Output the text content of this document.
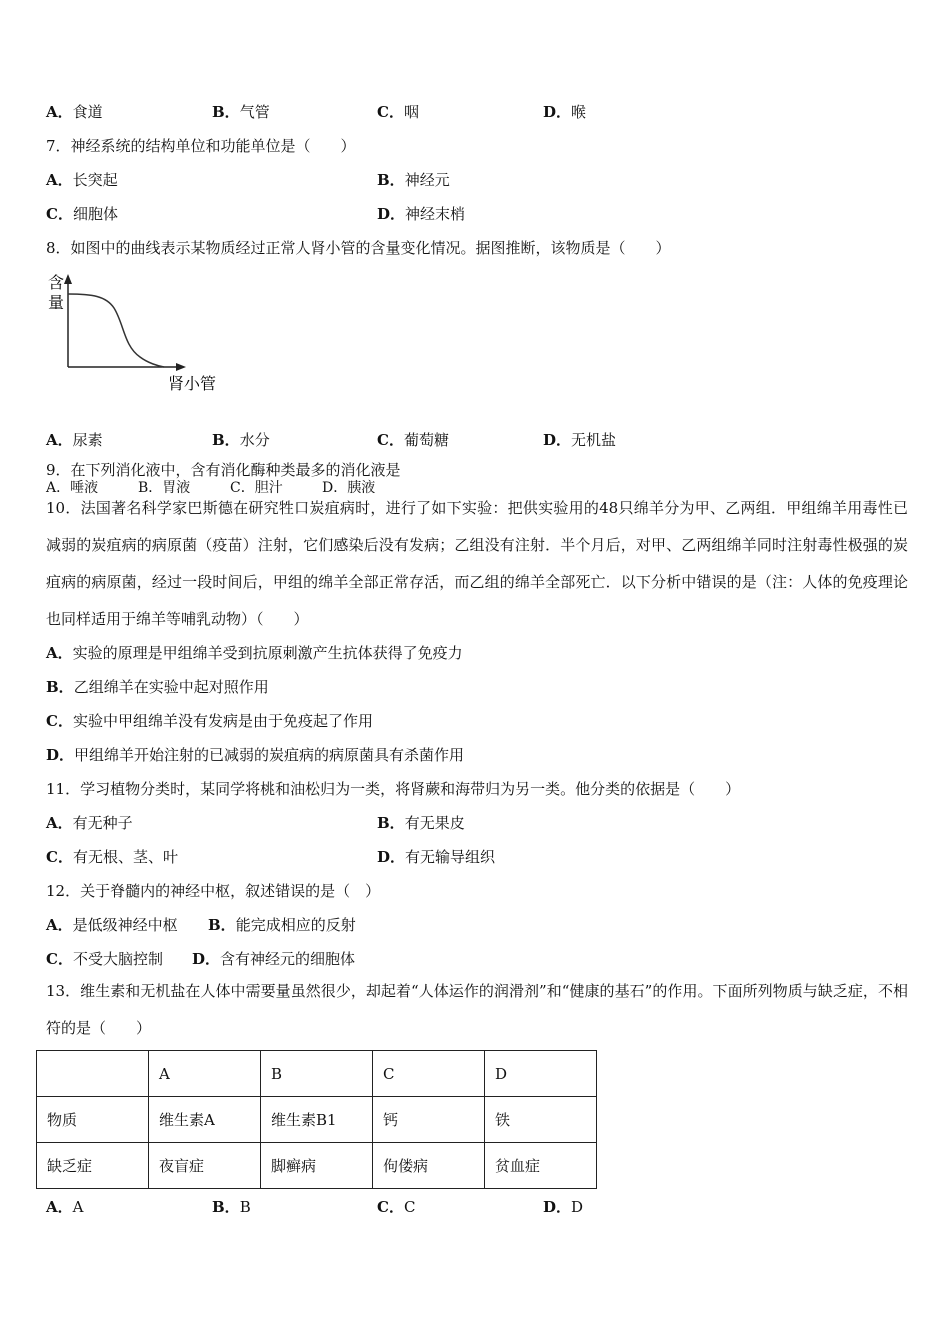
A．食道	B．气管	C．咽	D．喉
7．神经系统的结构单位和功能单位是（　　）
A．长突起	B．神经元
C．细胞体	D．神经末梢
8．如图中的曲线表示某物质经过正常人肾小管的含量变化情况。据图推断，该物质是（　　）
含
量
肾小管
A．尿素	B．水分	C．葡萄糖	D．无机盐
9．在下列消化液中，含有消化酶种类最多的消化液是
A．唾液	B．胃液	C．胆汁	D．胰液
10．法国著名科学家巴斯德在研究牲口炭疽病时，进行了如下实验：把供实验用的48只绵羊分为甲、乙两组．甲组绵羊用毒性已减弱的炭疽病的病原菌（疫苗）注射，它们感染后没有发病；乙组没有注射．半个月后，对甲、乙两组绵羊同时注射毒性极强的炭疽病的病原菌，经过一段时间后，甲组的绵羊全部正常存活，而乙组的绵羊全部死亡．以下分析中错误的是（注：人体的免疫理论也同样适用于绵羊等哺乳动物）（　　）
A．实验的原理是甲组绵羊受到抗原刺激产生抗体获得了免疫力
B．乙组绵羊在实验中起对照作用
C．实验中甲组绵羊没有发病是由于免疫起了作用
D．甲组绵羊开始注射的已减弱的炭疽病的病原菌具有杀菌作用
11．学习植物分类时，某同学将桃和油松归为一类，将肾蕨和海带归为另一类。他分类的依据是（　　）
A．有无种子	B．有无果皮
C．有无根、茎、叶	D．有无输导组织
12．关于脊髓内的神经中枢，叙述错误的是（　）
A．是低级神经中枢 B．能完成相应的反射
C．不受大脑控制 D．含有神经元的细胞体
13．维生素和无机盐在人体中需要量虽然很少，却起着“人体运作的润滑剂”和“健康的基石”的作用。下面所列物质与缺乏症，不相符的是（　　）
	A	B	C	D
物质	维生素A	维生素B1	钙	铁
缺乏症	夜盲症	脚癣病	佝偻病	贫血症
A．A	B．B	C．C	D．D
